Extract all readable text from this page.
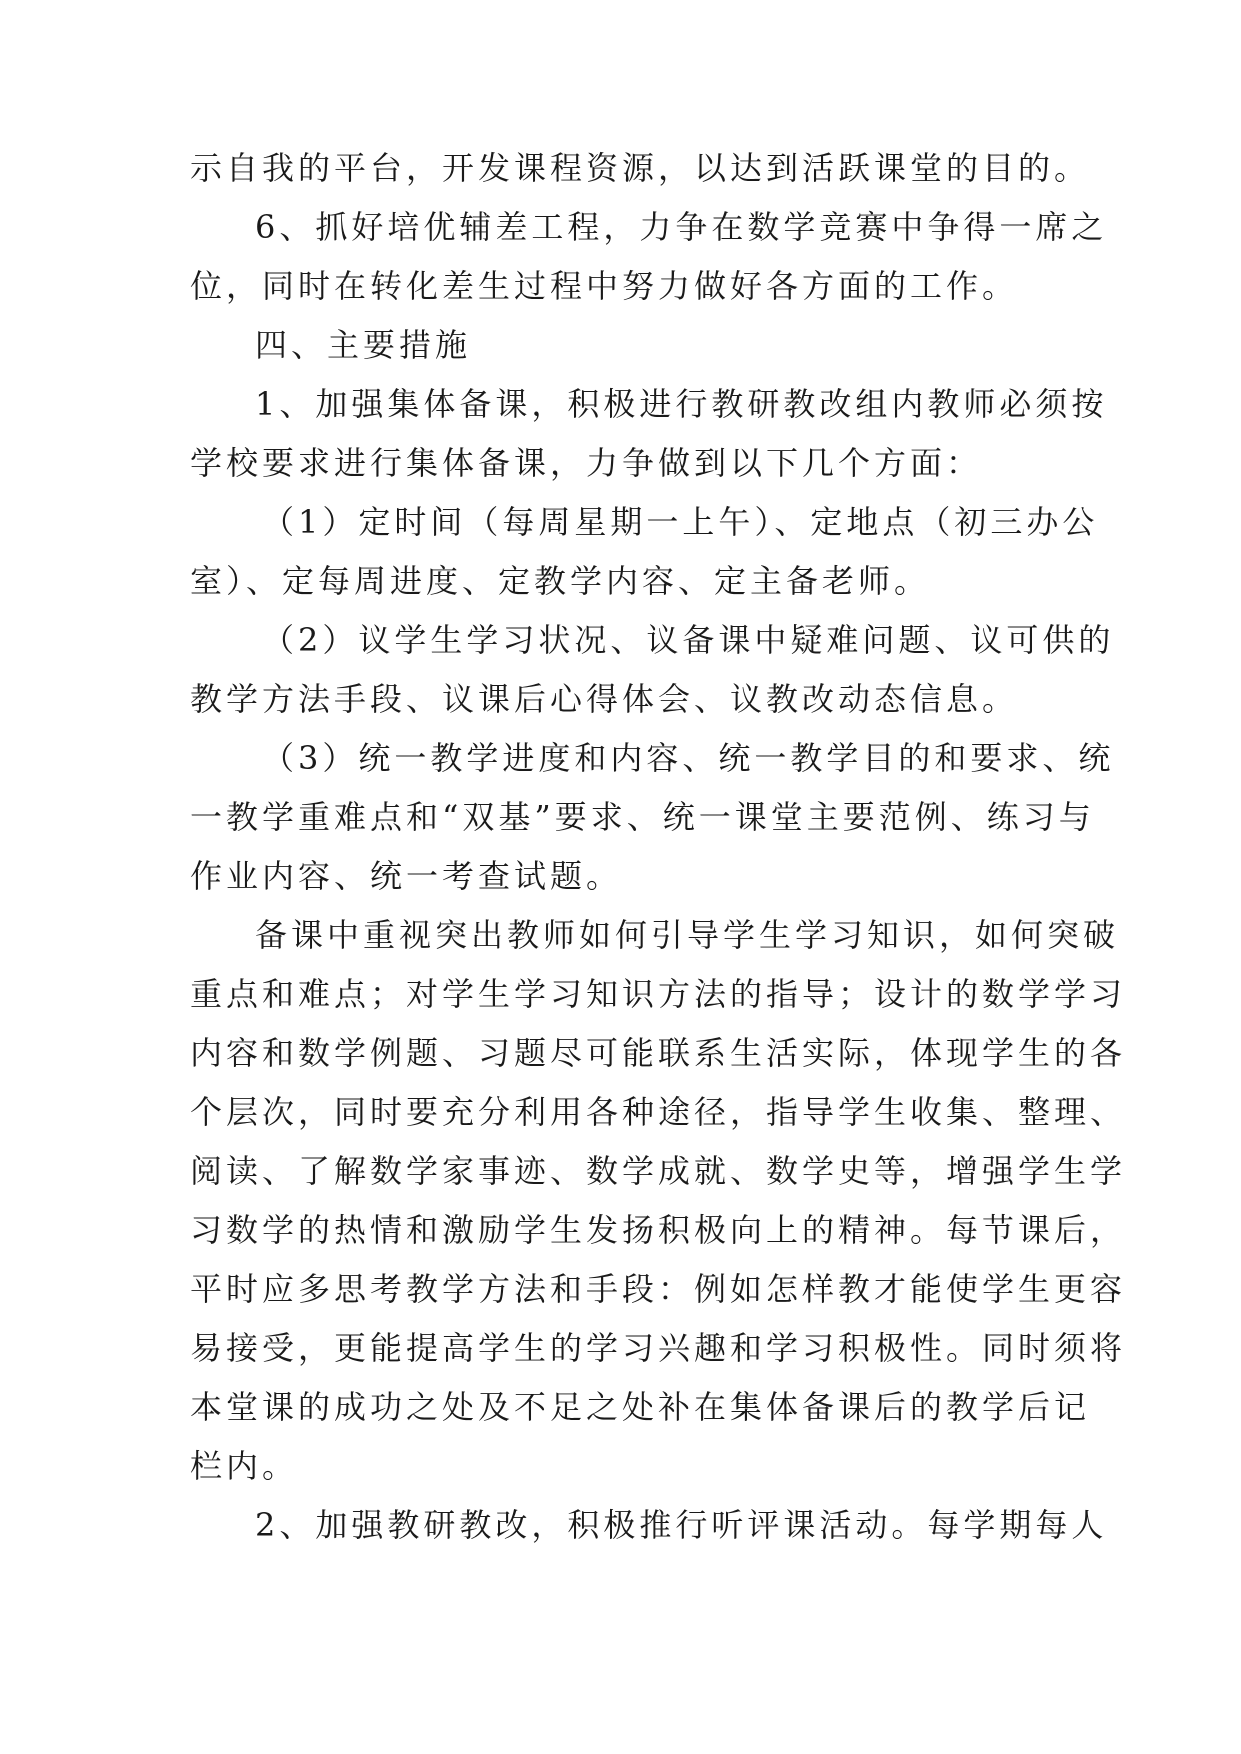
示自我的平台，开发课程资源，以达到活跃课堂的目的。
6、抓好培优辅差工程，力争在数学竞赛中争得一席之
位，同时在转化差生过程中努力做好各方面的工作。
四、主要措施
1、加强集体备课，积极进行教研教改组内教师必须按
学校要求进行集体备课，力争做到以下几个方面：
（1）定时间（每周星期一上午）、定地点（初三办公
室）、定每周进度、定教学内容、定主备老师。
（2）议学生学习状况、议备课中疑难问题、议可供的
教学方法手段、议课后心得体会、议教改动态信息。
（3）统一教学进度和内容、统一教学目的和要求、统
一教学重难点和“双基”要求、统一课堂主要范例、练习与
作业内容、统一考查试题。
备课中重视突出教师如何引导学生学习知识，如何突破
重点和难点；对学生学习知识方法的指导；设计的数学学习
内容和数学例题、习题尽可能联系生活实际，体现学生的各
个层次，同时要充分利用各种途径，指导学生收集、整理、
阅读、了解数学家事迹、数学成就、数学史等，增强学生学
习数学的热情和激励学生发扬积极向上的精神。每节课后，
平时应多思考教学方法和手段：例如怎样教才能使学生更容
易接受，更能提高学生的学习兴趣和学习积极性。同时须将
本堂课的成功之处及不足之处补在集体备课后的教学后记
栏内。
2、加强教研教改，积极推行听评课活动。每学期每人
